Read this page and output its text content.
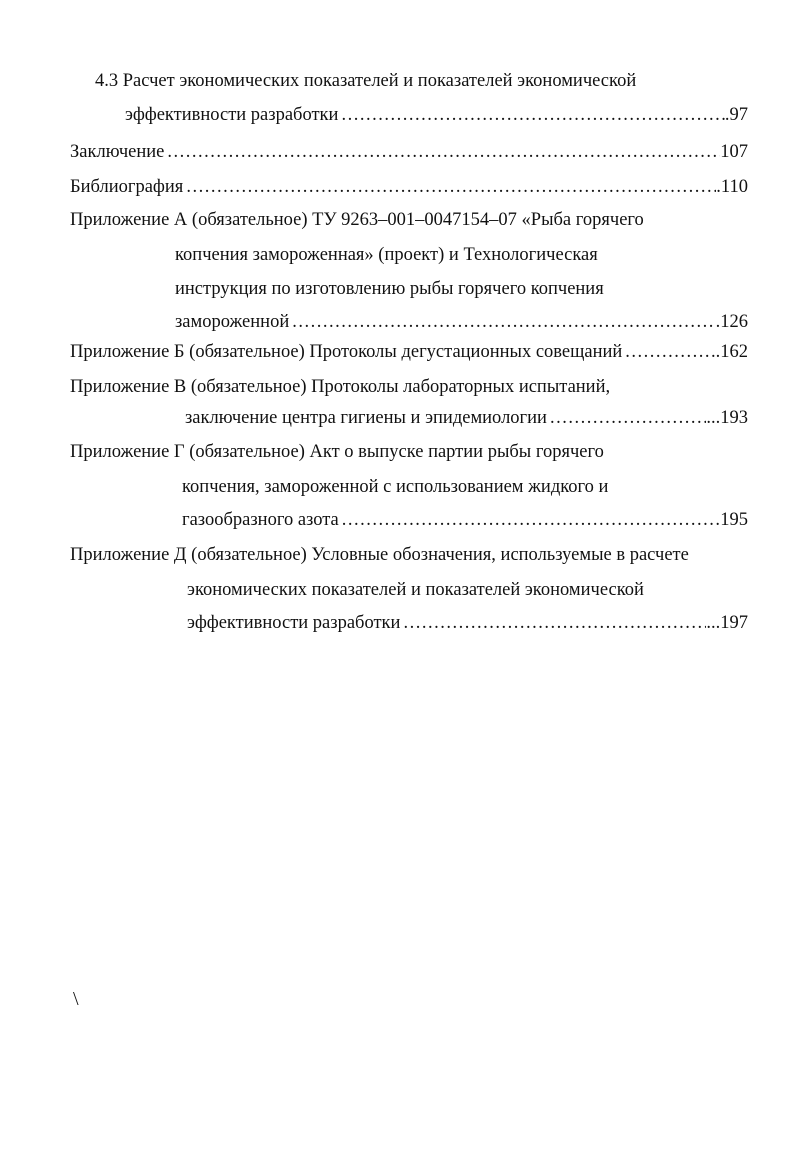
4.3 Расчет экономических показателей и показателей экономической
эффективности разработки .....	.97
Заключение .....	107
Библиография .....	.110
Приложение А (обязательное) ТУ 9263–001–0047154–07 «Рыба горячего
копчения замороженная» (проект) и Технологическая
инструкция по изготовлению рыбы горячего копчения
замороженной .....	.126
Приложение Б (обязательное) Протоколы дегустационных совещаний .....	..162
Приложение В (обязательное) Протоколы лабораторных испытаний,
заключение центра гигиены и эпидемиологии .....	...193
Приложение Г (обязательное) Акт о выпуске партии рыбы горячего
копчения, замороженной с использованием жидкого и
газообразного азота .....	195
Приложение Д (обязательное) Условные обозначения, используемые в расчете
экономических показателей и показателей экономической
эффективности разработки .....	...197
\
